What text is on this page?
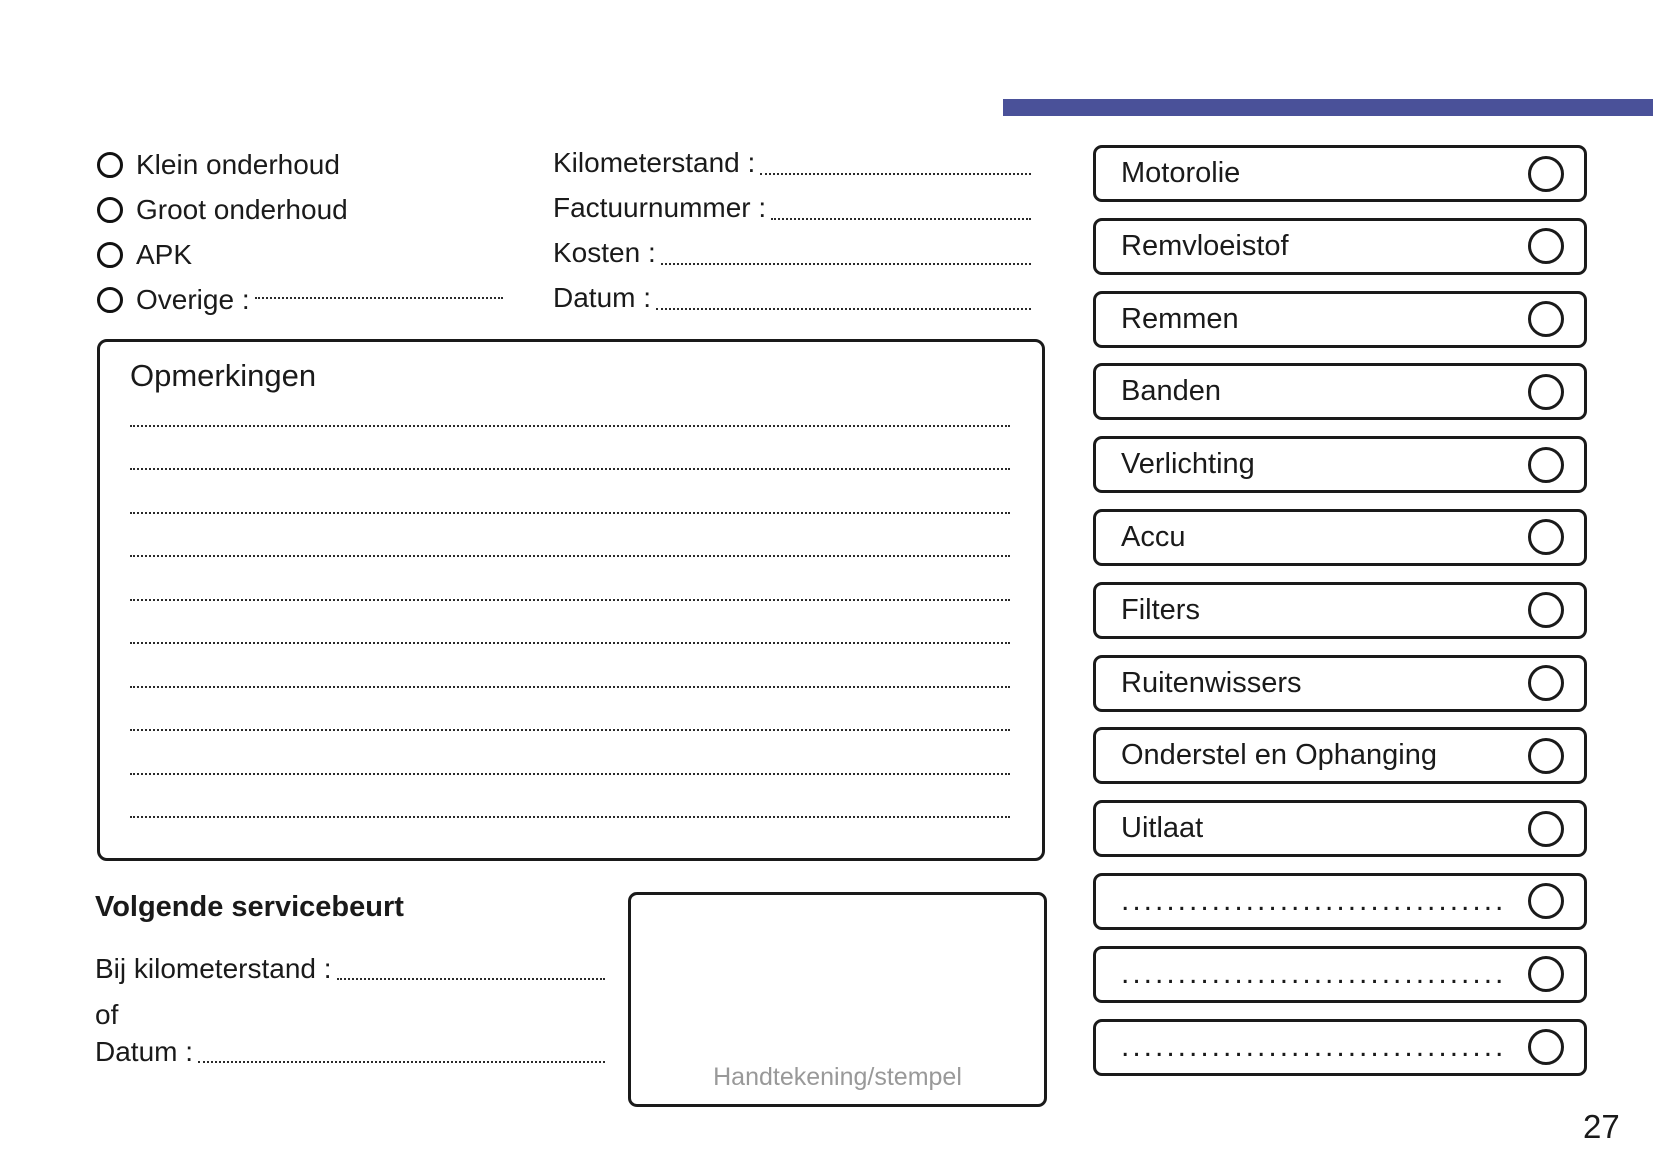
Klein onderhoud
Groot onderhoud
APK
Overige :
Kilometerstand :
Factuurnummer :
Kosten :
Datum :
Opmerkingen
Volgende servicebeurt
Bij kilometerstand :
of
Datum :
Handtekening/stempel
Motorolie
Remvloeistof
Remmen
Banden
Verlichting
Accu
Filters
Ruitenwissers
Onderstel en Ophanging
Uitlaat
..................................
..................................
..................................
27
